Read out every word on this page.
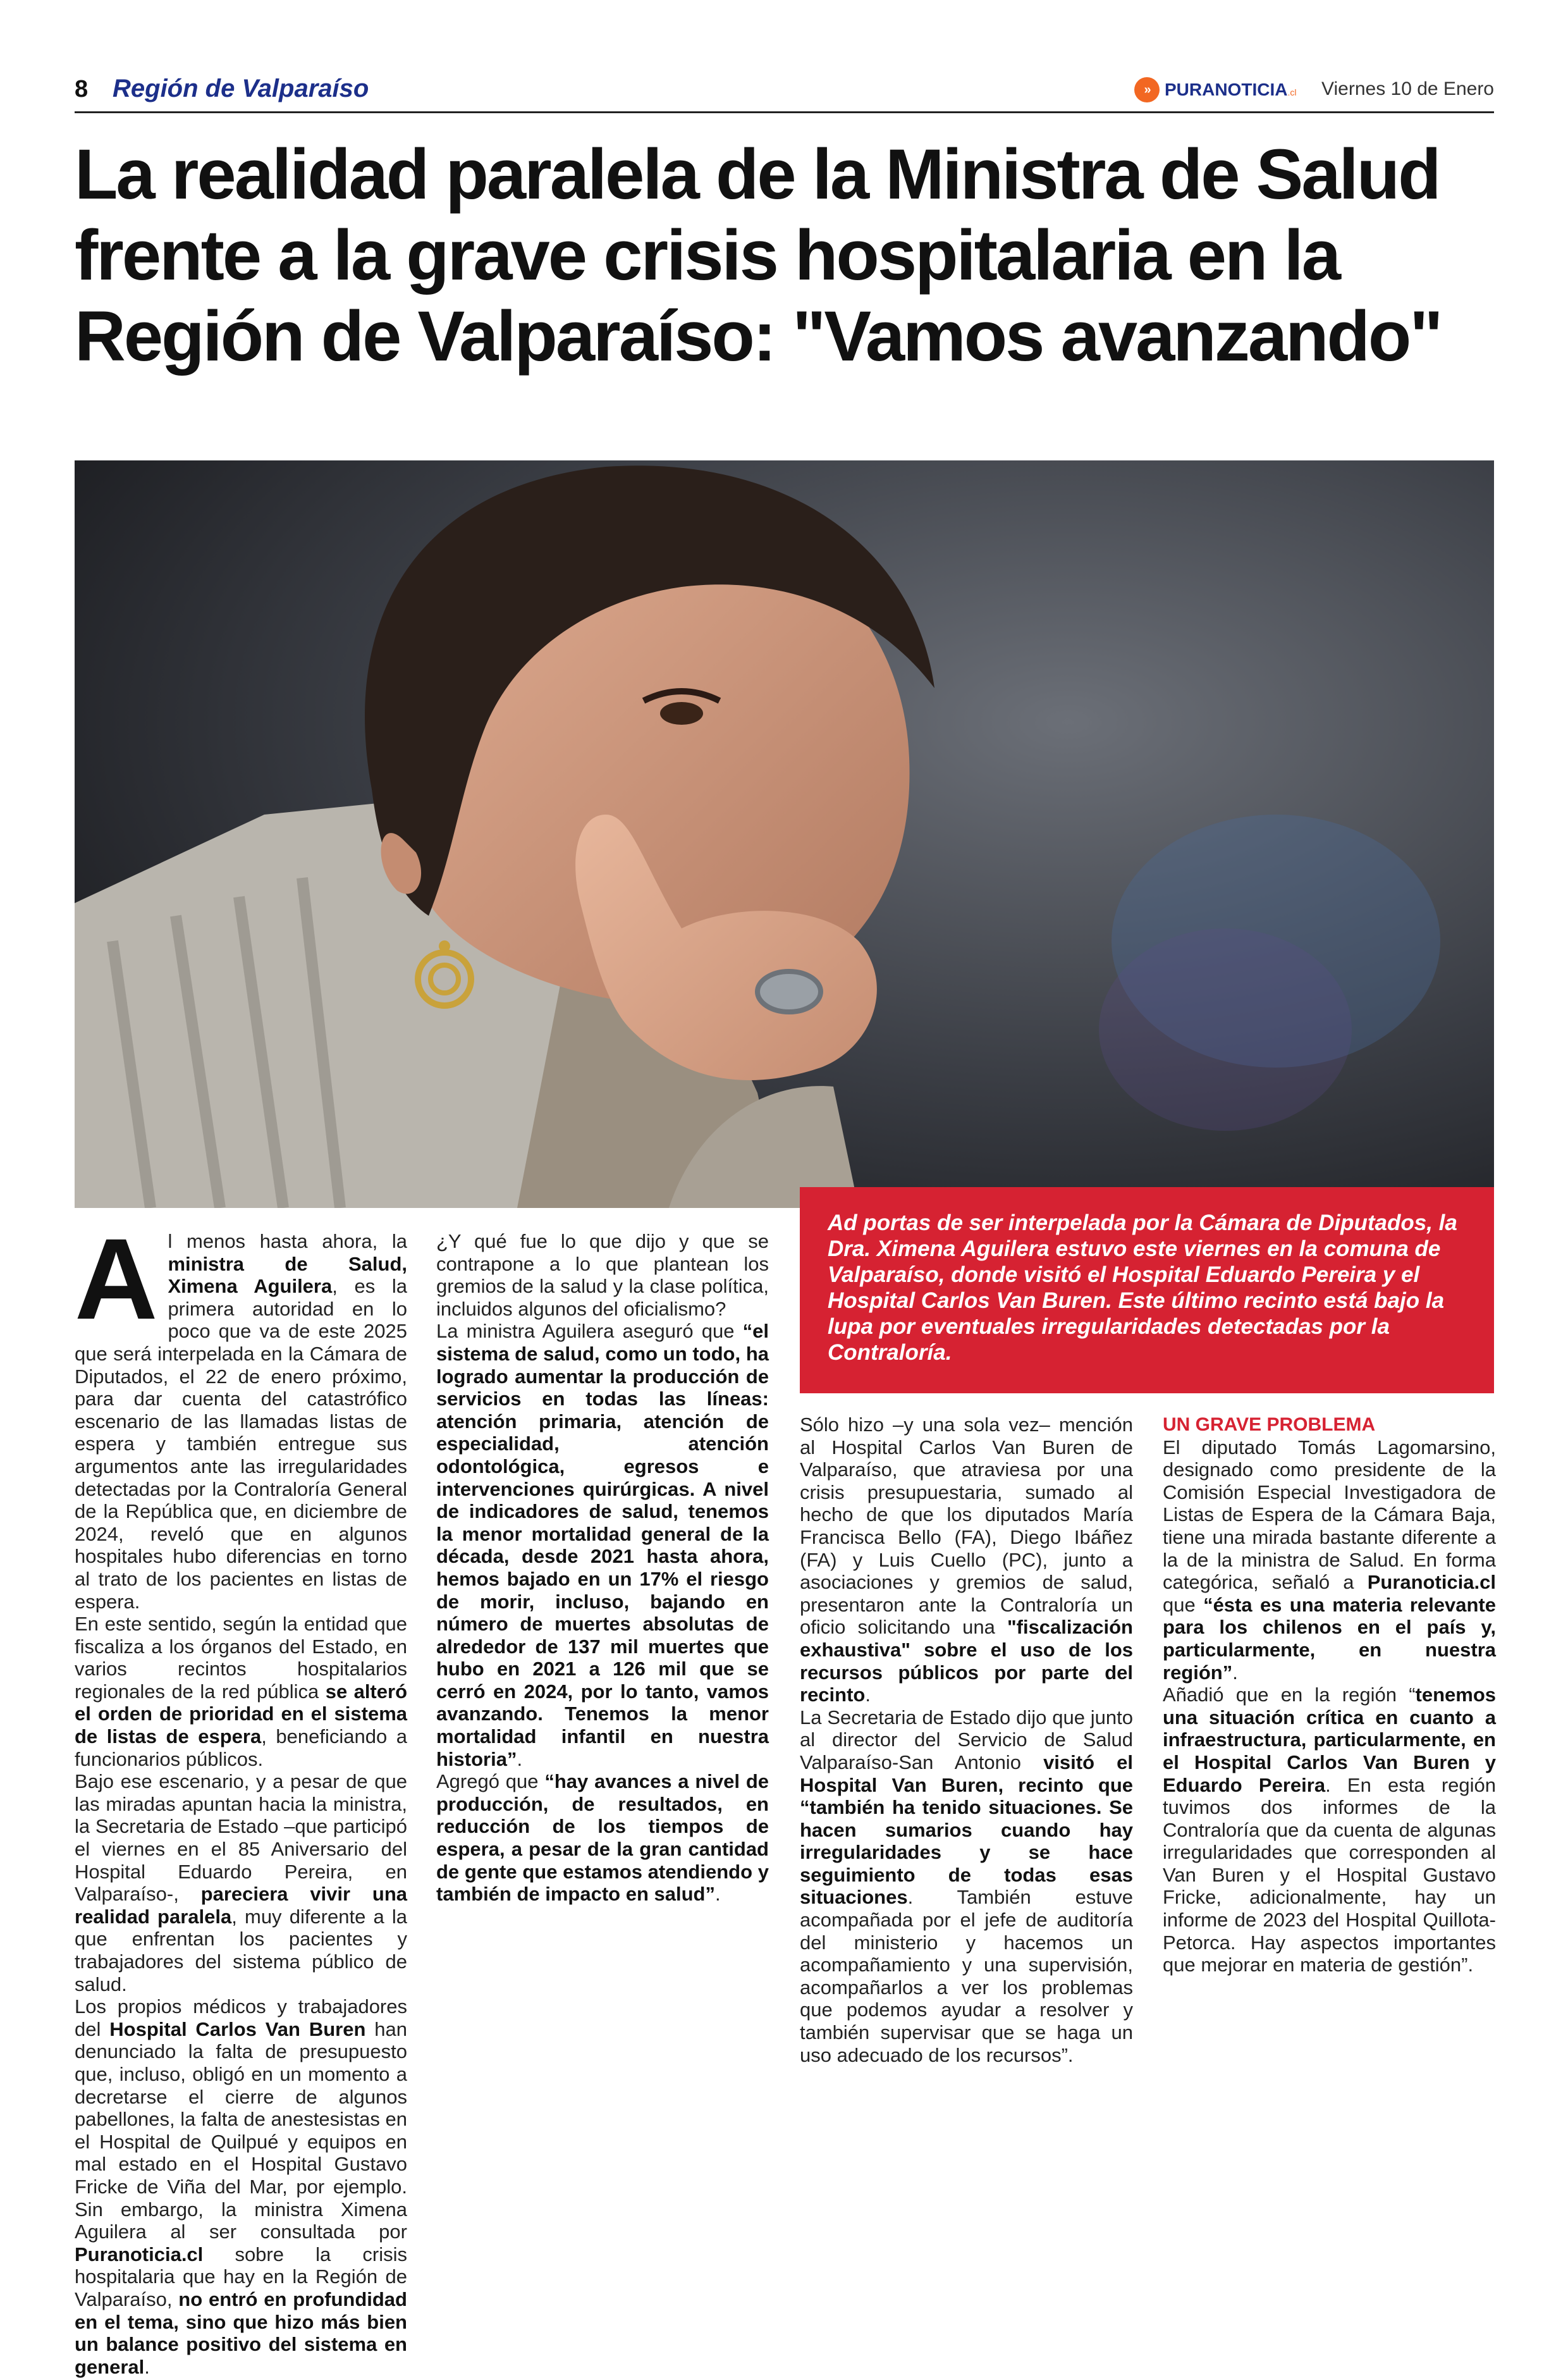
8 Región de Valparaíso	» PURANOTICIA.cl Viernes 10 de Enero
La realidad paralela de la Ministra de Salud frente a la grave crisis hospitalaria en la Región de Valparaíso: "Vamos avanzando"
Ad portas de ser interpelada por la Cámara de Diputados, la Dra. Ximena Aguilera estuvo este viernes en la comuna de Valparaíso, donde visitó el Hospital Eduardo Pereira y el Hospital Carlos Van Buren. Este último recinto está bajo la lupa por eventuales irregularidades detectadas por la Contraloría.

Al menos hasta ahora, la ministra de Salud, Ximena Aguilera, es la primera autoridad en lo poco que va de este 2025 que será interpelada en la Cámara de Diputados, el 22 de enero próximo, para dar cuenta del catastrófico escenario de las llamadas listas de espera y también entregue sus argumentos ante las irregularidades detectadas por la Contraloría General de la República que, en diciembre de 2024, reveló que en algunos hospitales hubo diferencias en torno al trato de los pacientes en listas de espera.

En este sentido, según la entidad que fiscaliza a los órganos del Estado, en varios recintos hospitalarios regionales de la red pública se alteró el orden de prioridad en el sistema de listas de espera, beneficiando a funcionarios públicos.

Bajo ese escenario, y a pesar de que las miradas apuntan hacia la ministra, la Secretaria de Estado –que participó el viernes en el 85 Aniversario del Hospital Eduardo Pereira, en Valparaíso-, pareciera vivir una realidad paralela, muy diferente a la que enfrentan los pacientes y trabajadores del sistema público de salud.

Los propios médicos y trabajadores del Hospital Carlos Van Buren han denunciado la falta de presupuesto que, incluso, obligó en un momento a decretarse el cierre de algunos pabellones, la falta de anestesistas en el Hospital de Quilpué y equipos en mal estado en el Hospital Gustavo Fricke de Viña del Mar, por ejemplo. Sin embargo, la ministra Ximena Aguilera al ser consultada por Puranoticia.cl sobre la crisis hospitalaria que hay en la Región de Valparaíso, no entró en profundidad en el tema, sino que hizo más bien un balance positivo del sistema en general.

¿Y qué fue lo que dijo y que se contrapone a lo que plantean los gremios de la salud y la clase política, incluidos algunos del oficialismo?

La ministra Aguilera aseguró que “el sistema de salud, como un todo, ha logrado aumentar la producción de servicios en todas las líneas: atención primaria, atención de especialidad, atención odontológica, egresos e intervenciones quirúrgicas. A nivel de indicadores de salud, tenemos la menor mortalidad general de la década, desde 2021 hasta ahora, hemos bajado en un 17% el riesgo de morir, incluso, bajando en número de muertes absolutas de alrededor de 137 mil muertes que hubo en 2021 a 126 mil que se cerró en 2024, por lo tanto, vamos avanzando. Tenemos la menor mortalidad infantil en nuestra historia”.

Agregó que “hay avances a nivel de producción, de resultados, en reducción de los tiempos de espera, a pesar de la gran cantidad de gente que estamos atendiendo y también de impacto en salud”.

Sólo hizo –y una sola vez– mención al Hospital Carlos Van Buren de Valparaíso, que atraviesa por una crisis presupuestaria, sumado al hecho de que los diputados María Francisca Bello (FA), Diego Ibáñez (FA) y Luis Cuello (PC), junto a asociaciones y gremios de salud, presentaron ante la Contraloría un oficio solicitando una "fiscalización exhaustiva" sobre el uso de los recursos públicos por parte del recinto.

La Secretaria de Estado dijo que junto al director del Servicio de Salud Valparaíso-San Antonio visitó el Hospital Van Buren, recinto que “también ha tenido situaciones. Se hacen sumarios cuando hay irregularidades y se hace seguimiento de todas esas situaciones. También estuve acompañada por el jefe de auditoría del ministerio y hacemos un acompañamiento y una supervisión, acompañarlos a ver los problemas que podemos ayudar a resolver y también supervisar que se haga un uso adecuado de los recursos”.

UN GRAVE PROBLEMA

El diputado Tomás Lagomarsino, designado como presidente de la Comisión Especial Investigadora de Listas de Espera de la Cámara Baja, tiene una mirada bastante diferente a la de la ministra de Salud. En forma categórica, señaló a Puranoticia.cl que “ésta es una materia relevante para los chilenos en el país y, particularmente, en nuestra región”.

Añadió que en la región “tenemos una situación crítica en cuanto a infraestructura, particularmente, en el Hospital Carlos Van Buren y Eduardo Pereira. En esta región tuvimos dos informes de la Contraloría que da cuenta de algunas irregularidades que corresponden al Van Buren y el Hospital Gustavo Fricke, adicionalmente, hay un informe de 2023 del Hospital Quillota-Petorca. Hay aspectos importantes que mejorar en materia de gestión”.
